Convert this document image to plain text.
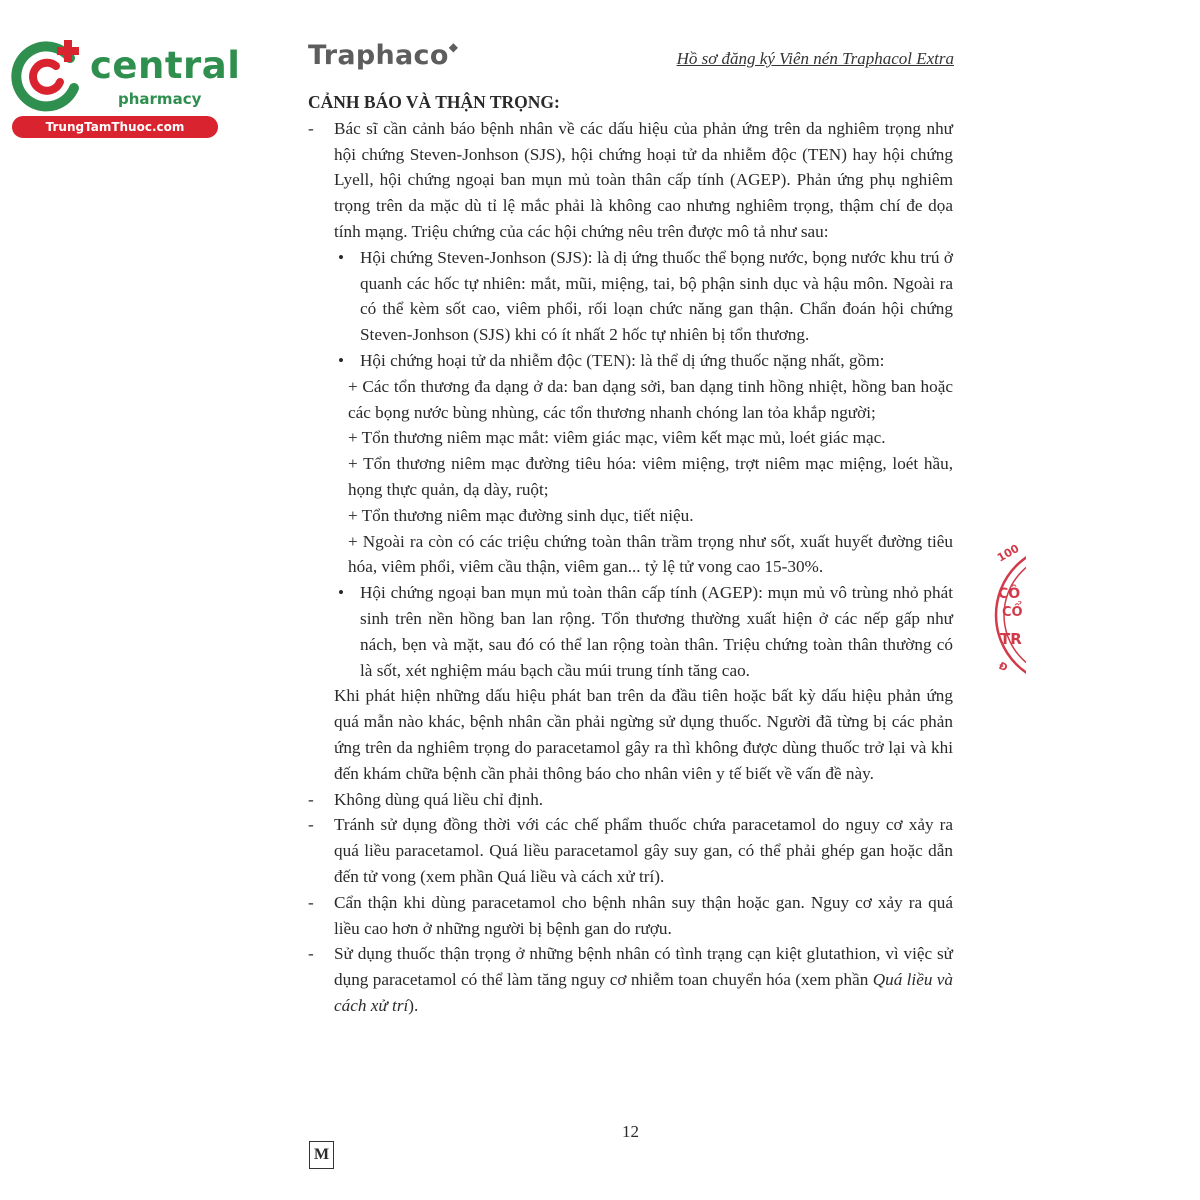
central
pharmacy
TrungTamThuoc.com
Traphaco◆
Hồ sơ đăng ký Viên nén Traphacol Extra
CẢNH BÁO VÀ THẬN TRỌNG:
- Bác sĩ cần cảnh báo bệnh nhân về các dấu hiệu của phản ứng trên da nghiêm trọng như hội chứng Steven-Jonhson (SJS), hội chứng hoại tử da nhiễm độc (TEN) hay hội chứng Lyell, hội chứng ngoại ban mụn mủ toàn thân cấp tính (AGEP). Phản ứng phụ nghiêm trọng trên da mặc dù tỉ lệ mắc phải là không cao nhưng nghiêm trọng, thậm chí đe dọa tính mạng. Triệu chứng của các hội chứng nêu trên được mô tả như sau:
• Hội chứng Steven-Jonhson (SJS): là dị ứng thuốc thể bọng nước, bọng nước khu trú ở quanh các hốc tự nhiên: mắt, mũi, miệng, tai, bộ phận sinh dục và hậu môn. Ngoài ra có thể kèm sốt cao, viêm phổi, rối loạn chức năng gan thận. Chẩn đoán hội chứng Steven-Jonhson (SJS) khi có ít nhất 2 hốc tự nhiên bị tổn thương.
• Hội chứng hoại tử da nhiễm độc (TEN): là thể dị ứng thuốc nặng nhất, gồm:
+ Các tổn thương đa dạng ở da: ban dạng sởi, ban dạng tinh hồng nhiệt, hồng ban hoặc các bọng nước bùng nhùng, các tổn thương nhanh chóng lan tỏa khắp người;
+ Tổn thương niêm mạc mắt: viêm giác mạc, viêm kết mạc mủ, loét giác mạc.
+ Tổn thương niêm mạc đường tiêu hóa: viêm miệng, trợt niêm mạc miệng, loét hầu, họng thực quản, dạ dày, ruột;
+ Tổn thương niêm mạc đường sinh dục, tiết niệu.
+ Ngoài ra còn có các triệu chứng toàn thân trầm trọng như sốt, xuất huyết đường tiêu hóa, viêm phổi, viêm cầu thận, viêm gan... tỷ lệ tử vong cao 15-30%.
• Hội chứng ngoại ban mụn mủ toàn thân cấp tính (AGEP): mụn mủ vô trùng nhỏ phát sinh trên nền hồng ban lan rộng. Tổn thương thường xuất hiện ở các nếp gấp như nách, bẹn và mặt, sau đó có thể lan rộng toàn thân. Triệu chứng toàn thân thường có là sốt, xét nghiệm máu bạch cầu múi trung tính tăng cao.
Khi phát hiện những dấu hiệu phát ban trên da đầu tiên hoặc bất kỳ dấu hiệu phản ứng quá mẫn nào khác, bệnh nhân cần phải ngừng sử dụng thuốc. Người đã từng bị các phản ứng trên da nghiêm trọng do paracetamol gây ra thì không được dùng thuốc trở lại và khi đến khám chữa bệnh cần phải thông báo cho nhân viên y tế biết về vấn đề này.
- Không dùng quá liều chỉ định.
- Tránh sử dụng đồng thời với các chế phẩm thuốc chứa paracetamol do nguy cơ xảy ra quá liều paracetamol. Quá liều paracetamol gây suy gan, có thể phải ghép gan hoặc dẫn đến tử vong (xem phần Quá liều và cách xử trí).
- Cẩn thận khi dùng paracetamol cho bệnh nhân suy thận hoặc gan. Nguy cơ xảy ra quá liều cao hơn ở những người bị bệnh gan do rượu.
- Sử dụng thuốc thận trọng ở những bệnh nhân có tình trạng cạn kiệt glutathion, vì việc sử dụng paracetamol có thể làm tăng nguy cơ nhiễm toan chuyển hóa (xem phần Quá liều và cách xử trí).
100
CÔ
CỔ
TR
Đ
12
M
